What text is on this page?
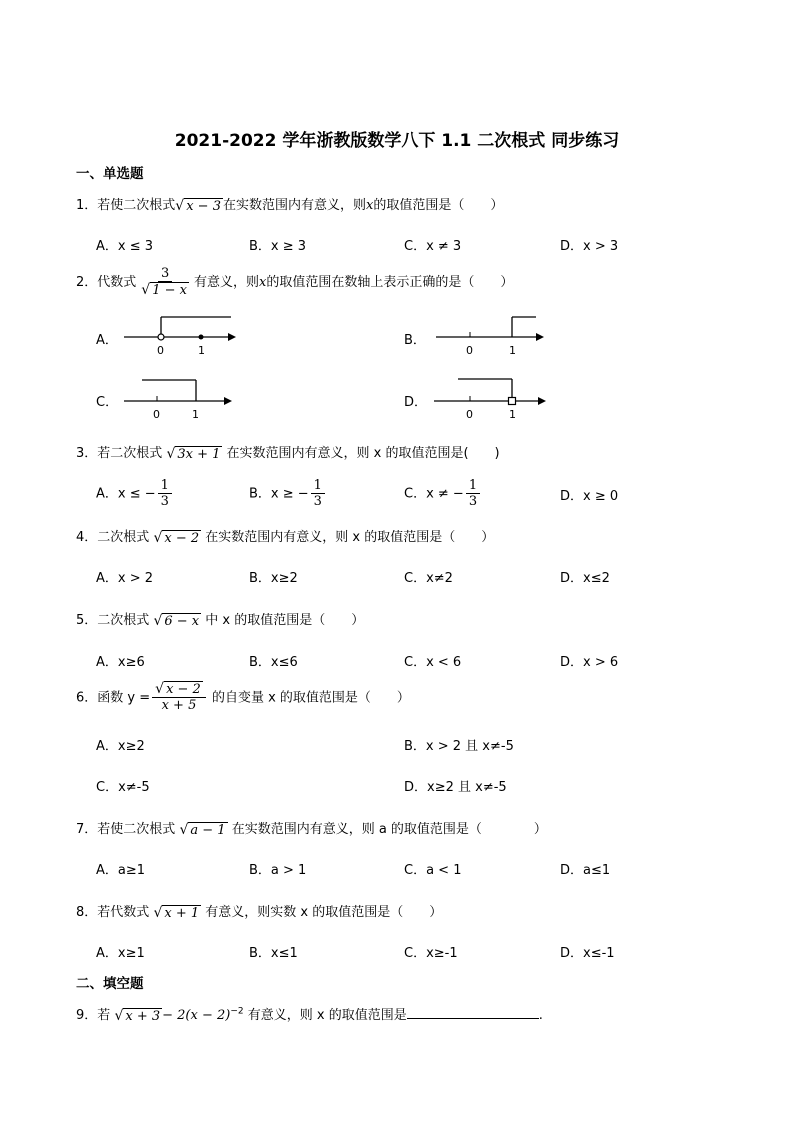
2021-2022 学年浙教版数学八下 1.1 二次根式 同步练习
一、单选题
1．若使二次根式√ x − 3 在实数范围内有意义，则x的取值范围是（　　）
A．x ≤ 3	B．x ≥ 3	C．x ≠ 3	D．x > 3
2．代数式 $\frac{3}{√ 1 - x}$ 有意义，则x的取值范围在数轴上表示正确的是（　　）
A．
0	1
B．
0	1
C．
0	1
D．
0	1
3．若二次根式 √ 3x + 1 在实数范围内有意义，则 x 的取值范围是(　　)
A．x ≤ − $\frac{1}{3}$	B．x ≥ − $\frac{1}{3}$	C．x ≠ − $\frac{1}{3}$	D．x ≥ 0
4．二次根式 √ x − 2 在实数范围内有意义，则 x 的取值范围是（　　）
A．x > 2	B．x≥2	C．x≠2	D．x≤2
5．二次根式 √ 6 − x 中 x 的取值范围是（　　）
A．x≥6	B．x≤6	C．x < 6	D．x > 6
6．函数 $y = \frac{√ x - 2}{x + 5}$ 的自变量 x 的取值范围是（　　）
A．x≥2	B．x > 2 且 x≠-5
C．x≠-5	D．x≥2 且 x≠-5
7．若使二次根式 √ a − 1 在实数范围内有意义，则 a 的取值范围是（　　　　）
A．a≥1	B．a > 1	C．a < 1	D．a≤1
8．若代数式 √ x + 1 有意义，则实数 x 的取值范围是（　　）
A．x≥1	B．x≤1	C．x≥-1	D．x≤-1
二、填空题
9．若 √ $x + 3 - 2(x - 2)^{-2}$ 有意义，则 x 的取值范围是	.
